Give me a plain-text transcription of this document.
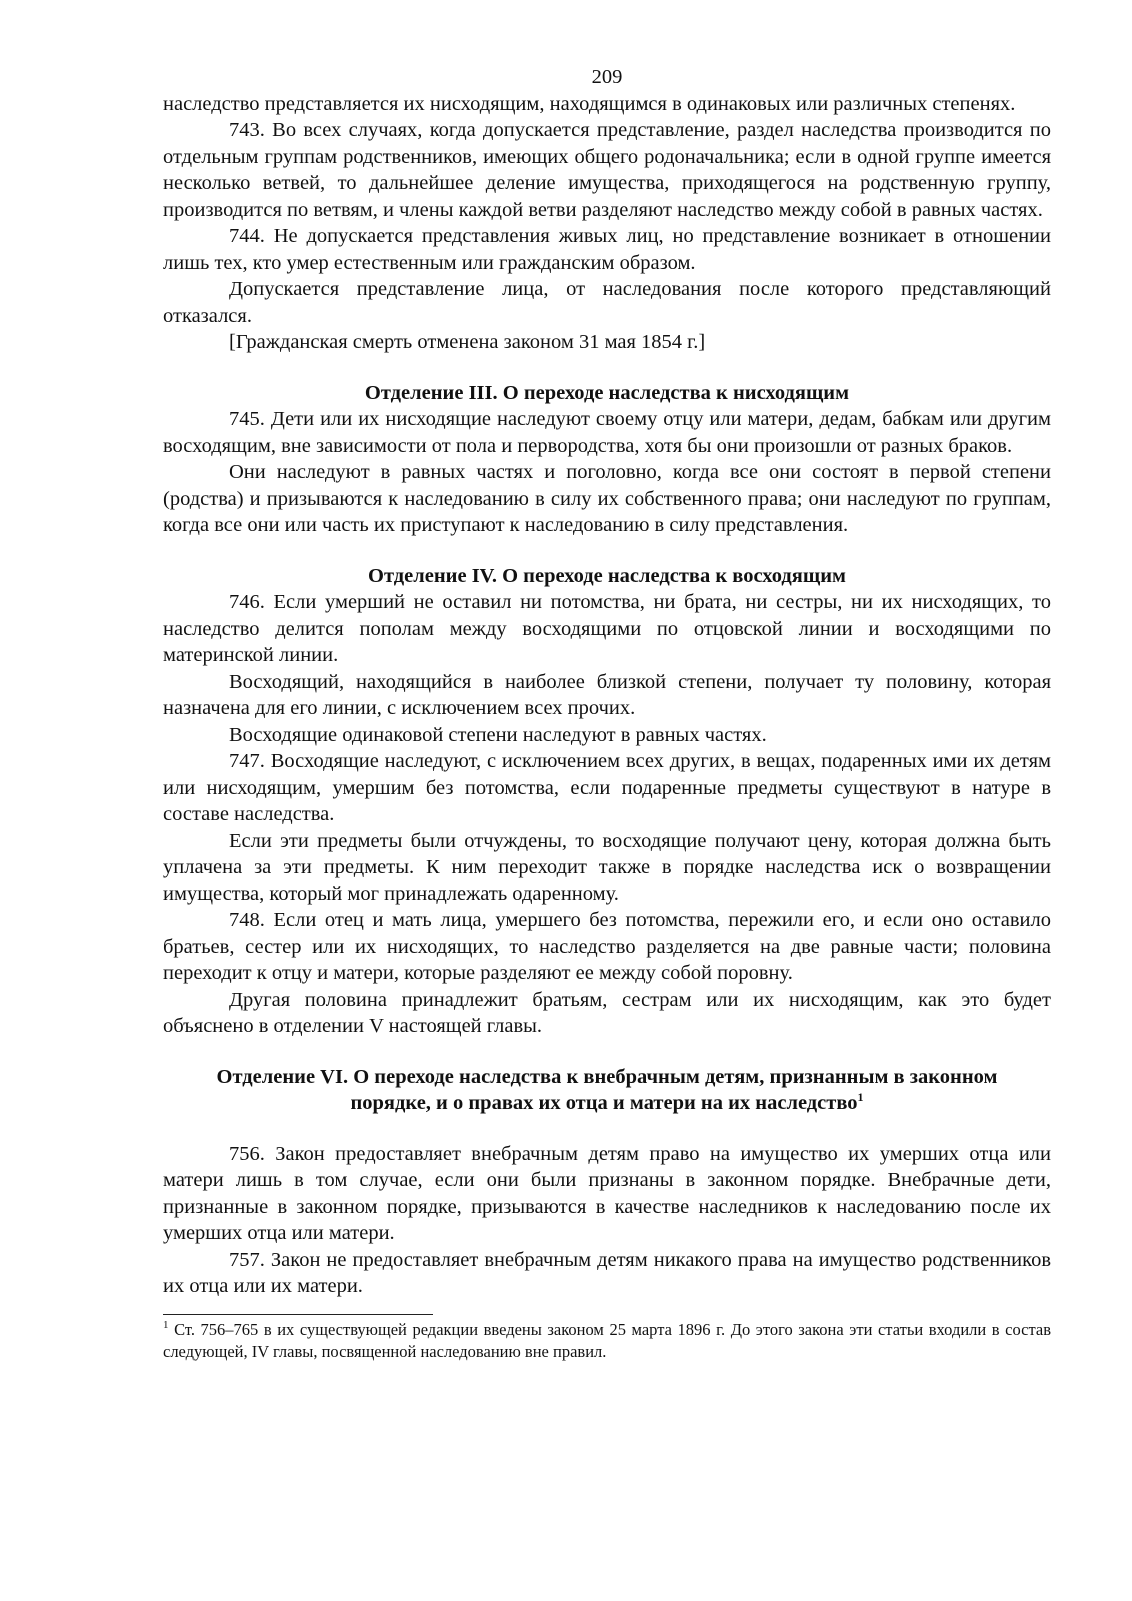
209

наследство представляется их нисходящим, находящимся в одинаковых или различных степенях.

743. Во всех случаях, когда допускается представление, раздел наследства производится по отдельным группам родственников, имеющих общего родоначальника; если в одной группе имеется несколько ветвей, то дальнейшее деление имущества, приходящегося на родственную группу, производится по ветвям, и члены каждой ветви разделяют наследство между собой в равных частях.

744. Не допускается представления живых лиц, но представление возникает в отношении лишь тех, кто умер естественным или гражданским образом.

Допускается представление лица, от наследования после которого представляющий отказался.

[Гражданская смерть отменена законом 31 мая 1854 г.]

Отделение III. О переходе наследства к нисходящим

745. Дети или их нисходящие наследуют своему отцу или матери, дедам, бабкам или другим восходящим, вне зависимости от пола и первородства, хотя бы они произошли от разных браков.

Они наследуют в равных частях и поголовно, когда все они состоят в первой степени (родства) и призываются к наследованию в силу их собственного права; они наследуют по группам, когда все они или часть их приступают к наследованию в силу представления.

Отделение IV. О переходе наследства к восходящим

746. Если умерший не оставил ни потомства, ни брата, ни сестры, ни их нисходящих, то наследство делится пополам между восходящими по отцовской линии и восходящими по материнской линии.

Восходящий, находящийся в наиболее близкой степени, получает ту половину, которая назначена для его линии, с исключением всех прочих.

Восходящие одинаковой степени наследуют в равных частях.

747. Восходящие наследуют, с исключением всех других, в вещах, подаренных ими их детям или нисходящим, умершим без потомства, если подаренные предметы существуют в натуре в составе наследства.

Если эти предметы были отчуждены, то восходящие получают цену, которая должна быть уплачена за эти предметы. К ним переходит также в порядке наследства иск о возвращении имущества, который мог принадлежать одаренному.

748. Если отец и мать лица, умершего без потомства, пережили его, и если оно оставило братьев, сестер или их нисходящих, то наследство разделяется на две равные части; половина переходит к отцу и матери, которые разделяют ее между собой поровну.

Другая половина принадлежит братьям, сестрам или их нисходящим, как это будет объяснено в отделении V настоящей главы.

Отделение VI. О переходе наследства к внебрачным детям, признанным в законном
порядке, и о правах их отца и матери на их наследство$^1$

756. Закон предоставляет внебрачным детям право на имущество их умерших отца или матери лишь в том случае, если они были признаны в законном порядке. Внебрачные дети, признанные в законном порядке, призываются в качестве наследников к наследованию после их умерших отца или матери.

757. Закон не предоставляет внебрачным детям никакого права на имущество родственников их отца или их матери.

$^1$ Ст. 756–765 в их существующей редакции введены законом 25 марта 1896 г. До этого закона эти статьи входили в состав следующей, IV главы, посвященной наследованию вне правил.
